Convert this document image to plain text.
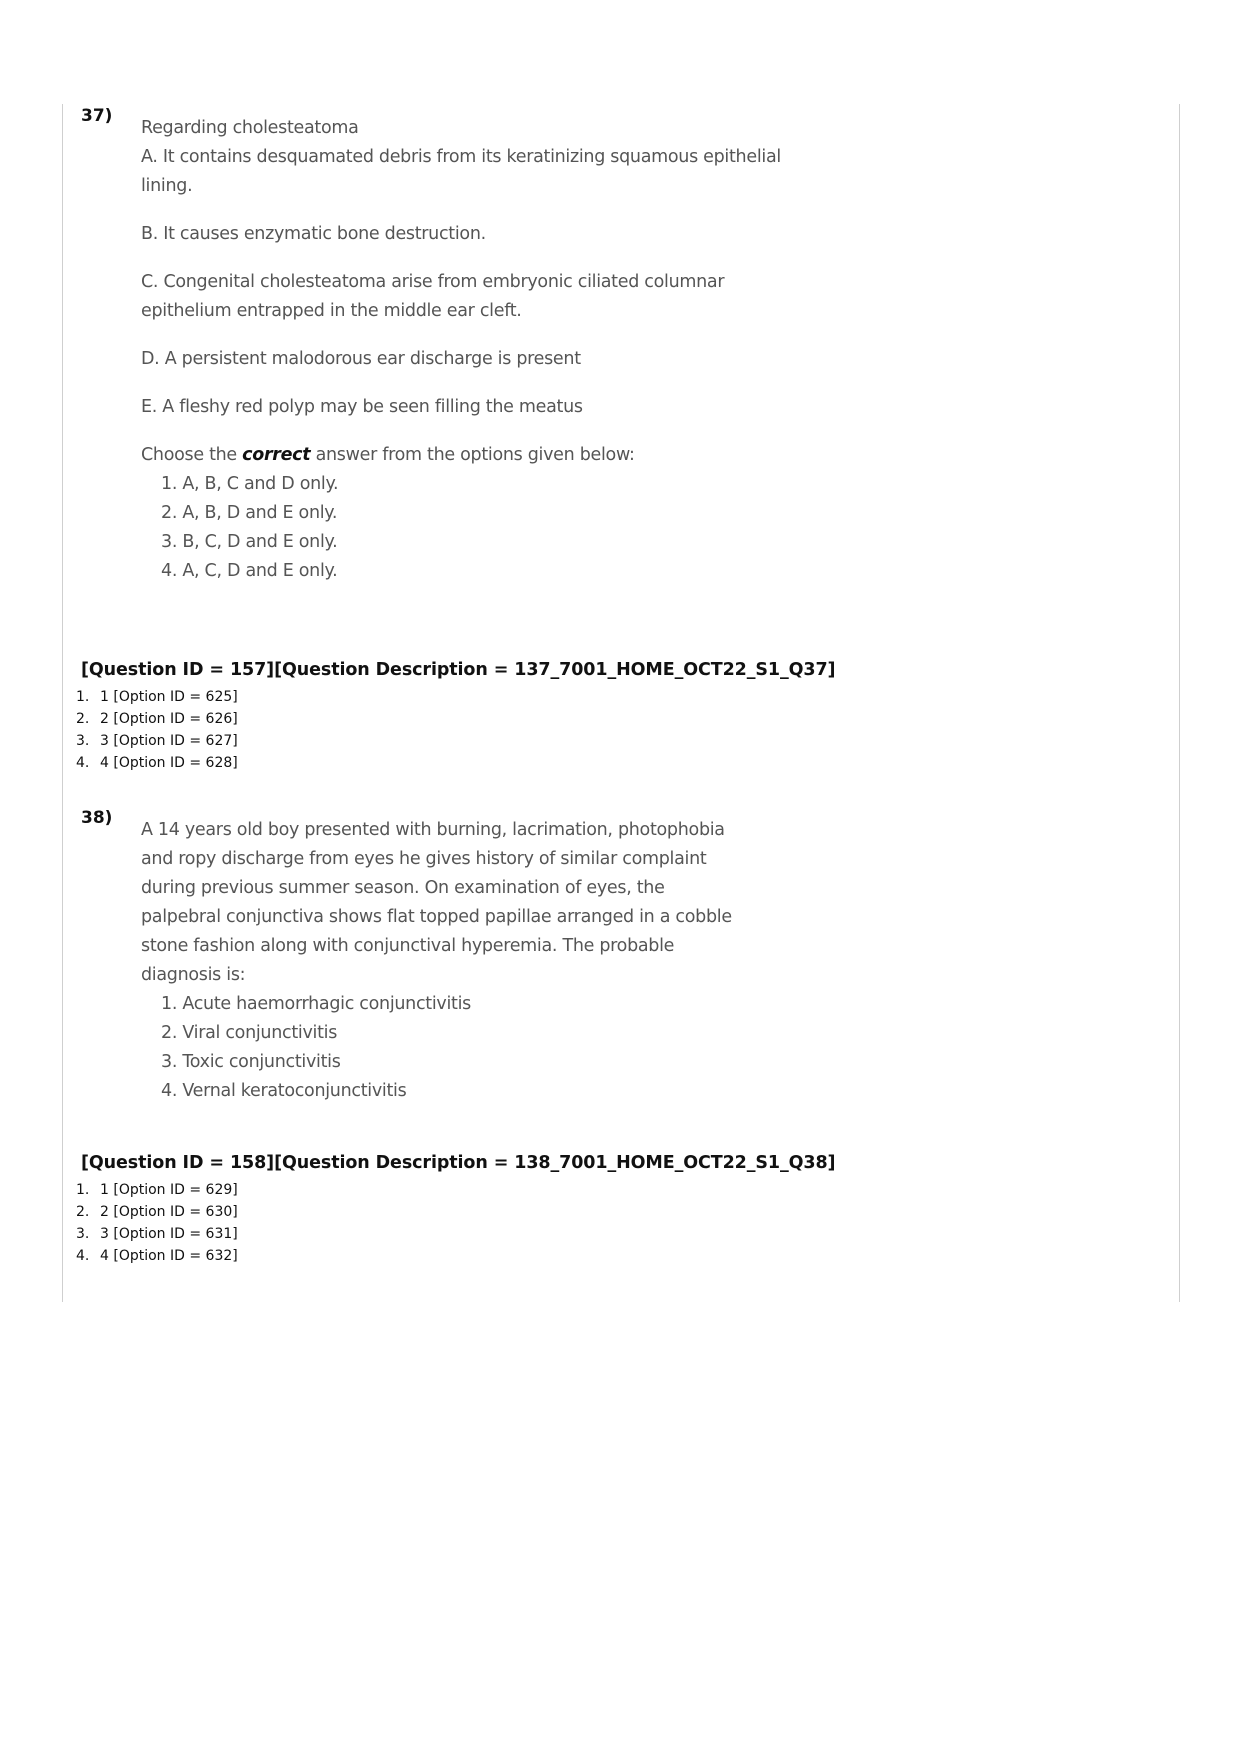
37)

Regarding cholesteatoma

A. It contains desquamated debris from its keratinizing squamous epithelial lining.

B. It causes enzymatic bone destruction.

C. Congenital cholesteatoma arise from embryonic ciliated columnar epithelium entrapped in the middle ear cleft.

D. A persistent malodorous ear discharge is present

E. A fleshy red polyp may be seen filling the meatus

Choose the correct answer from the options given below:

1. A, B, C and D only.
2. A, B, D and E only.
3. B, C, D and E only.
4. A, C, D and E only.
[Question ID = 157][Question Description = 137_7001_HOME_OCT22_S1_Q37]
1. 1 [Option ID = 625]
2. 2 [Option ID = 626]
3. 3 [Option ID = 627]
4. 4 [Option ID = 628]
38)
A 14 years old boy presented with burning, lacrimation, photophobia
and ropy discharge from eyes he gives history of similar complaint
during previous summer season. On examination of eyes, the
palpebral conjunctiva shows flat topped papillae arranged in a cobble
stone fashion along with conjunctival hyperemia. The probable
diagnosis is:
1. Acute haemorrhagic conjunctivitis
2. Viral conjunctivitis
3. Toxic conjunctivitis
4. Vernal keratoconjunctivitis
[Question ID = 158][Question Description = 138_7001_HOME_OCT22_S1_Q38]
1. 1 [Option ID = 629]
2. 2 [Option ID = 630]
3. 3 [Option ID = 631]
4. 4 [Option ID = 632]
